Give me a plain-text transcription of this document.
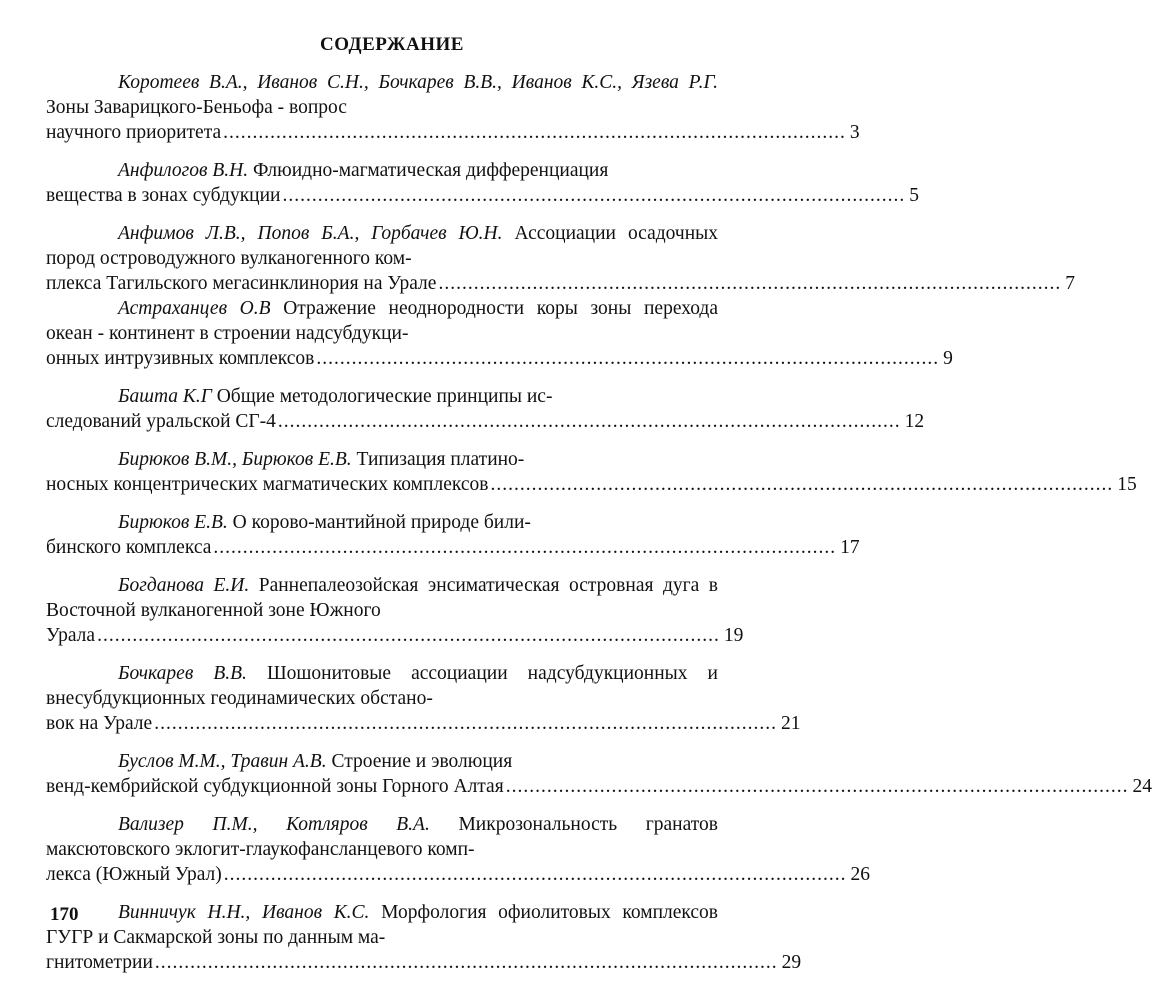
СОДЕРЖАНИЕ
Коротеев В.А., Иванов С.Н., Бочкарев В.В., Иванов К.С., Язева Р.Г. Зоны Заварицкого-Беньофа - вопрос
научного приоритета .......................................................................................................... 3
Анфилогов В.Н. Флюидно-магматическая дифференциация
вещества в зонах субдукции .......................................................................................................... 5
Анфимов Л.В., Попов Б.А., Горбачев Ю.Н. Ассоциации осадочных пород островодужного вулканогенного ком-
плекса Тагильского мегасинклинория на Урале .......................................................................................................... 7
Астраханцев О.В Отражение неоднородности коры зоны перехода океан - континент в строении надсубдукци-
онных интрузивных комплексов .......................................................................................................... 9
Башта К.Г Общие методологические принципы ис-
следований уральской СГ-4 .......................................................................................................... 12
Бирюков В.М., Бирюков Е.В. Типизация платино-
носных концентрических магматических комплексов .......................................................................................................... 15
Бирюков Е.В. О корово-мантийной природе били-
бинского комплекса .......................................................................................................... 17
Богданова Е.И. Раннепалеозойская энсиматическая островная дуга в Восточной вулканогенной зоне Южного
Урала .......................................................................................................... 19
Бочкарев В.В. Шошонитовые ассоциации надсубдукционных и внесубдукционных геодинамических обстано-
вок на Урале .......................................................................................................... 21
Буслов М.М., Травин А.В. Строение и эволюция
венд-кембрийской субдукционной зоны Горного Алтая .......................................................................................................... 24
Вализер П.М., Котляров В.А. Микрозональность гранатов максютовского эклогит-глаукофансланцевого комп-
лекса (Южный Урал) .......................................................................................................... 26
Винничук Н.Н., Иванов К.С. Морфология офиолитовых комплексов ГУГР и Сакмарской зоны по данным ма-
гнитометрии .......................................................................................................... 29
170
